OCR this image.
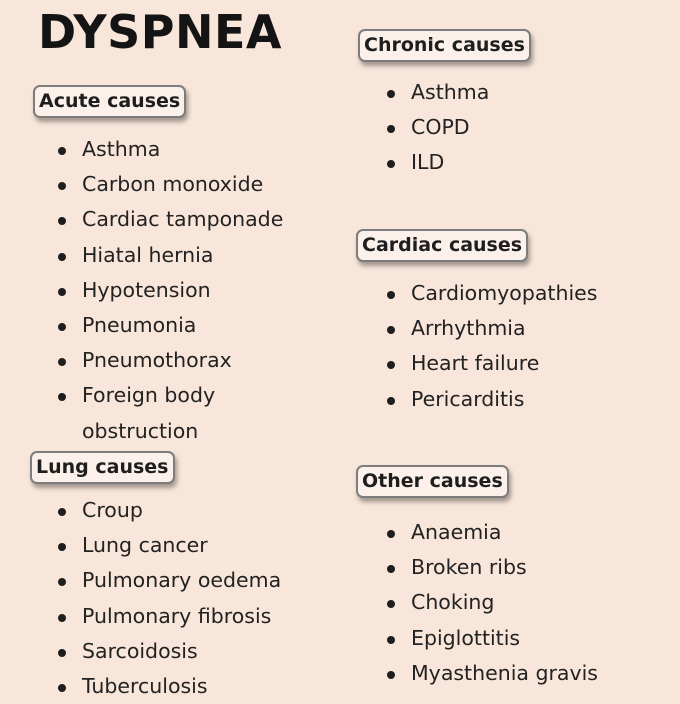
DYSPNEA
Acute causes
Asthma
Carbon monoxide
Cardiac tamponade
Hiatal hernia
Hypotension
Pneumonia
Pneumothorax
Foreign body
obstruction
Lung causes
Croup
Lung cancer
Pulmonary oedema
Pulmonary fibrosis
Sarcoidosis
Tuberculosis
Chronic causes
Asthma
COPD
ILD
Cardiac causes
Cardiomyopathies
Arrhythmia
Heart failure
Pericarditis
Other causes
Anaemia
Broken ribs
Choking
Epiglottitis
Myasthenia gravis
